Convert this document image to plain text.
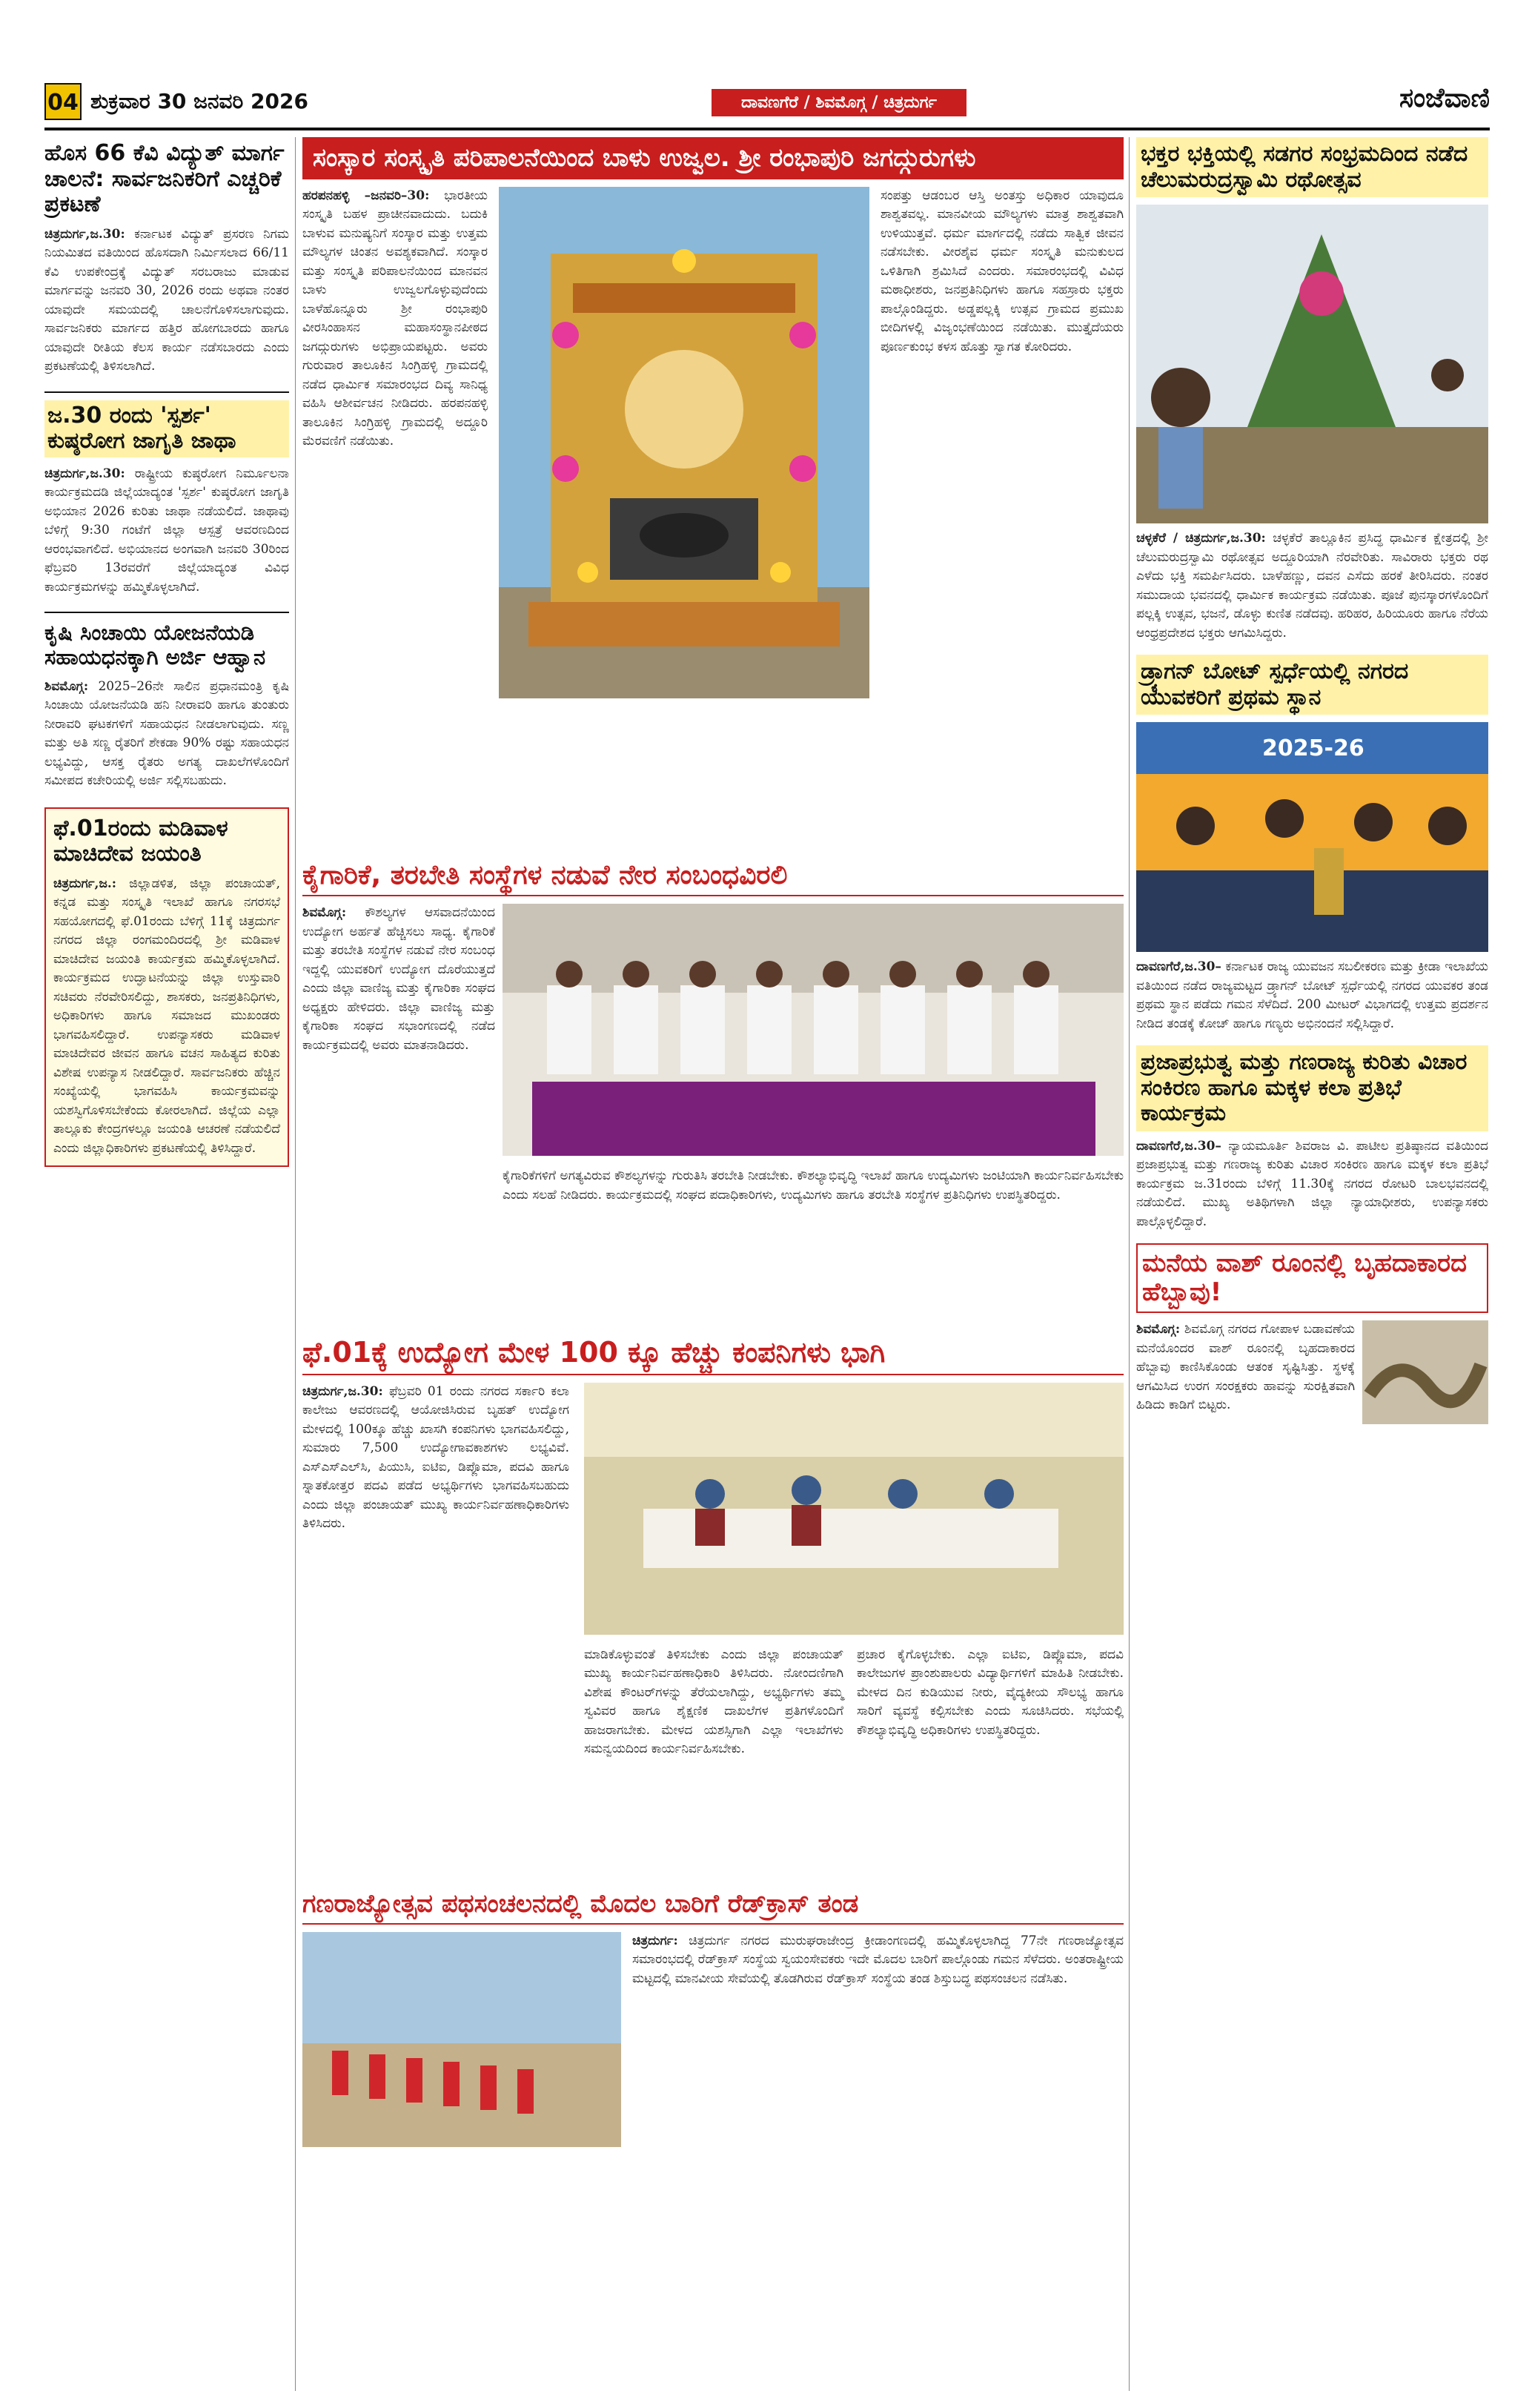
04 ಶುಕ್ರವಾರ 30 ಜನವರಿ 2026	ದಾವಣಗೆರೆ / ಶಿವಮೊಗ್ಗ / ಚಿತ್ರದುರ್ಗ	ಸಂಜೆವಾಣಿ
ಹೊಸ 66 ಕೆವಿ ವಿದ್ಯುತ್ ಮಾರ್ಗ ಚಾಲನೆ: ಸಾರ್ವಜನಿಕರಿಗೆ ಎಚ್ಚರಿಕೆ ಪ್ರಕಟಣೆ

ಚಿತ್ರದುರ್ಗ,ಜ.30: ಕರ್ನಾಟಕ ವಿದ್ಯುತ್ ಪ್ರಸರಣ ನಿಗಮ ನಿಯಮಿತದ ವತಿಯಿಂದ ಹೊಸದಾಗಿ ನಿರ್ಮಿಸಲಾದ 66/11 ಕೆವಿ ಉಪಕೇಂದ್ರಕ್ಕೆ ವಿದ್ಯುತ್ ಸರಬರಾಜು ಮಾಡುವ ಮಾರ್ಗವನ್ನು ಜನವರಿ 30, 2026 ರಂದು ಅಥವಾ ನಂತರ ಯಾವುದೇ ಸಮಯದಲ್ಲಿ ಚಾಲನೆಗೊಳಿಸಲಾಗುವುದು. ಸಾರ್ವಜನಿಕರು ಮಾರ್ಗದ ಹತ್ತಿರ ಹೋಗಬಾರದು ಹಾಗೂ ಯಾವುದೇ ರೀತಿಯ ಕೆಲಸ ಕಾರ್ಯ ನಡೆಸಬಾರದು ಎಂದು ಪ್ರಕಟಣೆಯಲ್ಲಿ ತಿಳಿಸಲಾಗಿದೆ.

ಜ.30 ರಂದು 'ಸ್ಪರ್ಶ' ಕುಷ್ಠರೋಗ ಜಾಗೃತಿ ಜಾಥಾ

ಚಿತ್ರದುರ್ಗ,ಜ.30: ರಾಷ್ಟ್ರೀಯ ಕುಷ್ಠರೋಗ ನಿರ್ಮೂಲನಾ ಕಾರ್ಯಕ್ರಮದಡಿ ಜಿಲ್ಲೆಯಾದ್ಯಂತ 'ಸ್ಪರ್ಶ' ಕುಷ್ಠರೋಗ ಜಾಗೃತಿ ಅಭಿಯಾನ 2026 ಕುರಿತು ಜಾಥಾ ನಡೆಯಲಿದೆ. ಜಾಥಾವು ಬೆಳಿಗ್ಗೆ 9:30 ಗಂಟೆಗೆ ಜಿಲ್ಲಾ ಆಸ್ಪತ್ರೆ ಆವರಣದಿಂದ ಆರಂಭವಾಗಲಿದೆ. ಅಭಿಯಾನದ ಅಂಗವಾಗಿ ಜನವರಿ 30ರಿಂದ ಫೆಬ್ರವರಿ 13ರವರೆಗೆ ಜಿಲ್ಲೆಯಾದ್ಯಂತ ವಿವಿಧ ಕಾರ್ಯಕ್ರಮಗಳನ್ನು ಹಮ್ಮಿಕೊಳ್ಳಲಾಗಿದೆ.

ಕೃಷಿ ಸಿಂಚಾಯಿ ಯೋಜನೆಯಡಿ ಸಹಾಯಧನಕ್ಕಾಗಿ ಅರ್ಜಿ ಆಹ್ವಾನ

ಶಿವಮೊಗ್ಗ: 2025–26ನೇ ಸಾಲಿನ ಪ್ರಧಾನಮಂತ್ರಿ ಕೃಷಿ ಸಿಂಚಾಯಿ ಯೋಜನೆಯಡಿ ಹನಿ ನೀರಾವರಿ ಹಾಗೂ ತುಂತುರು ನೀರಾವರಿ ಘಟಕಗಳಿಗೆ ಸಹಾಯಧನ ನೀಡಲಾಗುವುದು. ಸಣ್ಣ ಮತ್ತು ಅತಿ ಸಣ್ಣ ರೈತರಿಗೆ ಶೇಕಡಾ 90% ರಷ್ಟು ಸಹಾಯಧನ ಲಭ್ಯವಿದ್ದು, ಆಸಕ್ತ ರೈತರು ಅಗತ್ಯ ದಾಖಲೆಗಳೊಂದಿಗೆ ಸಮೀಪದ ಕಚೇರಿಯಲ್ಲಿ ಅರ್ಜಿ ಸಲ್ಲಿಸಬಹುದು.

ಫೆ.01ರಂದು ಮಡಿವಾಳ ಮಾಚಿದೇವ ಜಯಂತಿ

ಚಿತ್ರದುರ್ಗ,ಜ.: ಜಿಲ್ಲಾಡಳಿತ, ಜಿಲ್ಲಾ ಪಂಚಾಯತ್, ಕನ್ನಡ ಮತ್ತು ಸಂಸ್ಕೃತಿ ಇಲಾಖೆ ಹಾಗೂ ನಗರಸಭೆ ಸಹಯೋಗದಲ್ಲಿ ಫೆ.01ರಂದು ಬೆಳಿಗ್ಗೆ 11ಕ್ಕೆ ಚಿತ್ರದುರ್ಗ ನಗರದ ಜಿಲ್ಲಾ ರಂಗಮಂದಿರದಲ್ಲಿ ಶ್ರೀ ಮಡಿವಾಳ ಮಾಚಿದೇವ ಜಯಂತಿ ಕಾರ್ಯಕ್ರಮ ಹಮ್ಮಿಕೊಳ್ಳಲಾಗಿದೆ. ಕಾರ್ಯಕ್ರಮದ ಉದ್ಘಾಟನೆಯನ್ನು ಜಿಲ್ಲಾ ಉಸ್ತುವಾರಿ ಸಚಿವರು ನೆರವೇರಿಸಲಿದ್ದು, ಶಾಸಕರು, ಜನಪ್ರತಿನಿಧಿಗಳು, ಅಧಿಕಾರಿಗಳು ಹಾಗೂ ಸಮಾಜದ ಮುಖಂಡರು ಭಾಗವಹಿಸಲಿದ್ದಾರೆ. ಉಪನ್ಯಾಸಕರು ಮಡಿವಾಳ ಮಾಚಿದೇವರ ಜೀವನ ಹಾಗೂ ವಚನ ಸಾಹಿತ್ಯದ ಕುರಿತು ವಿಶೇಷ ಉಪನ್ಯಾಸ ನೀಡಲಿದ್ದಾರೆ. ಸಾರ್ವಜನಿಕರು ಹೆಚ್ಚಿನ ಸಂಖ್ಯೆಯಲ್ಲಿ ಭಾಗವಹಿಸಿ ಕಾರ್ಯಕ್ರಮವನ್ನು ಯಶಸ್ವಿಗೊಳಿಸಬೇಕೆಂದು ಕೋರಲಾಗಿದೆ. ಜಿಲ್ಲೆಯ ಎಲ್ಲಾ ತಾಲ್ಲೂಕು ಕೇಂದ್ರಗಳಲ್ಲೂ ಜಯಂತಿ ಆಚರಣೆ ನಡೆಯಲಿದೆ ಎಂದು ಜಿಲ್ಲಾಧಿಕಾರಿಗಳು ಪ್ರಕಟಣೆಯಲ್ಲಿ ತಿಳಿಸಿದ್ದಾರೆ.

ಸಂಸ್ಕಾರ ಸಂಸ್ಕೃತಿ ಪರಿಪಾಲನೆಯಿಂದ ಬಾಳು ಉಜ್ವಲ. ಶ್ರೀ ರಂಭಾಪುರಿ ಜಗದ್ಗುರುಗಳು

ಹರಪನಹಳ್ಳಿ –ಜನವರಿ–30: ಭಾರತೀಯ ಸಂಸ್ಕೃತಿ ಬಹಳ ಪ್ರಾಚೀನವಾದುದು. ಬದುಕಿ ಬಾಳುವ ಮನುಷ್ಯನಿಗೆ ಸಂಸ್ಕಾರ ಮತ್ತು ಉತ್ತಮ ಮೌಲ್ಯಗಳ ಚಿಂತನ ಅವಶ್ಯಕವಾಗಿದೆ. ಸಂಸ್ಕಾರ ಮತ್ತು ಸಂಸ್ಕೃತಿ ಪರಿಪಾಲನೆಯಿಂದ ಮಾನವನ ಬಾಳು ಉಜ್ವಲಗೊಳ್ಳುವುದೆಂದು ಬಾಳೆಹೊನ್ನೂರು ಶ್ರೀ ರಂಭಾಪುರಿ ವೀರಸಿಂಹಾಸನ ಮಹಾಸಂಸ್ಥಾನಪೀಠದ ಜಗದ್ಗುರುಗಳು ಅಭಿಪ್ರಾಯಪಟ್ಟರು. ಅವರು ಗುರುವಾರ ತಾಲೂಕಿನ ಸಿಂಗ್ರಿಹಳ್ಳಿ ಗ್ರಾಮದಲ್ಲಿ ನಡೆದ ಧಾರ್ಮಿಕ ಸಮಾರಂಭದ ದಿವ್ಯ ಸಾನಿಧ್ಯ ವಹಿಸಿ ಆಶೀರ್ವಚನ ನೀಡಿದರು. ಹರಪನಹಳ್ಳಿ ತಾಲೂಕಿನ ಸಿಂಗ್ರಿಹಳ್ಳಿ ಗ್ರಾಮದಲ್ಲಿ ಅದ್ದೂರಿ ಮೆರವಣಿಗೆ ನಡೆಯಿತು.

ಸಂಪತ್ತು ಆಡಂಬರ ಆಸ್ತಿ ಅಂತಸ್ತು ಅಧಿಕಾರ ಯಾವುದೂ ಶಾಶ್ವತವಲ್ಲ. ಮಾನವೀಯ ಮೌಲ್ಯಗಳು ಮಾತ್ರ ಶಾಶ್ವತವಾಗಿ ಉಳಿಯುತ್ತವೆ. ಧರ್ಮ ಮಾರ್ಗದಲ್ಲಿ ನಡೆದು ಸಾತ್ವಿಕ ಜೀವನ ನಡೆಸಬೇಕು. ವೀರಶೈವ ಧರ್ಮ ಸಂಸ್ಕೃತಿ ಮನುಕುಲದ ಒಳಿತಿಗಾಗಿ ಶ್ರಮಿಸಿದೆ ಎಂದರು. ಸಮಾರಂಭದಲ್ಲಿ ವಿವಿಧ ಮಠಾಧೀಶರು, ಜನಪ್ರತಿನಿಧಿಗಳು ಹಾಗೂ ಸಹಸ್ರಾರು ಭಕ್ತರು ಪಾಲ್ಗೊಂಡಿದ್ದರು. ಅಡ್ಡಪಲ್ಲಕ್ಕಿ ಉತ್ಸವ ಗ್ರಾಮದ ಪ್ರಮುಖ ಬೀದಿಗಳಲ್ಲಿ ವಿಜೃಂಭಣೆಯಿಂದ ನಡೆಯಿತು. ಮುತ್ತೈದೆಯರು ಪೂರ್ಣಕುಂಭ ಕಳಸ ಹೊತ್ತು ಸ್ವಾಗತ ಕೋರಿದರು.

ಕೈಗಾರಿಕೆ, ತರಬೇತಿ ಸಂಸ್ಥೆಗಳ ನಡುವೆ ನೇರ ಸಂಬಂಧವಿರಲಿ

ಶಿವಮೊಗ್ಗ: ಕೌಶಲ್ಯಗಳ ಆಸವಾದನೆಯಿಂದ ಉದ್ಯೋಗ ಅರ್ಹತೆ ಹೆಚ್ಚಿಸಲು ಸಾಧ್ಯ. ಕೈಗಾರಿಕೆ ಮತ್ತು ತರಬೇತಿ ಸಂಸ್ಥೆಗಳ ನಡುವೆ ನೇರ ಸಂಬಂಧ ಇದ್ದಲ್ಲಿ ಯುವಕರಿಗೆ ಉದ್ಯೋಗ ದೊರೆಯುತ್ತದೆ ಎಂದು ಜಿಲ್ಲಾ ವಾಣಿಜ್ಯ ಮತ್ತು ಕೈಗಾರಿಕಾ ಸಂಘದ ಅಧ್ಯಕ್ಷರು ಹೇಳಿದರು. ಜಿಲ್ಲಾ ವಾಣಿಜ್ಯ ಮತ್ತು ಕೈಗಾರಿಕಾ ಸಂಘದ ಸಭಾಂಗಣದಲ್ಲಿ ನಡೆದ ಕಾರ್ಯಕ್ರಮದಲ್ಲಿ ಅವರು ಮಾತನಾಡಿದರು.

ಕೈಗಾರಿಕೆಗಳಿಗೆ ಅಗತ್ಯವಿರುವ ಕೌಶಲ್ಯಗಳನ್ನು ಗುರುತಿಸಿ ತರಬೇತಿ ನೀಡಬೇಕು. ಕೌಶಲ್ಯಾಭಿವೃದ್ಧಿ ಇಲಾಖೆ ಹಾಗೂ ಉದ್ಯಮಿಗಳು ಜಂಟಿಯಾಗಿ ಕಾರ್ಯನಿರ್ವಹಿಸಬೇಕು ಎಂದು ಸಲಹೆ ನೀಡಿದರು. ಕಾರ್ಯಕ್ರಮದಲ್ಲಿ ಸಂಘದ ಪದಾಧಿಕಾರಿಗಳು, ಉದ್ಯಮಿಗಳು ಹಾಗೂ ತರಬೇತಿ ಸಂಸ್ಥೆಗಳ ಪ್ರತಿನಿಧಿಗಳು ಉಪಸ್ಥಿತರಿದ್ದರು.

ಫೆ.01ಕ್ಕೆ ಉದ್ಯೋಗ ಮೇಳ 100 ಕ್ಕೂ ಹೆಚ್ಚು ಕಂಪನಿಗಳು ಭಾಗಿ

ಚಿತ್ರದುರ್ಗ,ಜ.30: ಫೆಬ್ರವರಿ 01 ರಂದು ನಗರದ ಸರ್ಕಾರಿ ಕಲಾ ಕಾಲೇಜು ಆವರಣದಲ್ಲಿ ಆಯೋಜಿಸಿರುವ ಬೃಹತ್ ಉದ್ಯೋಗ ಮೇಳದಲ್ಲಿ 100ಕ್ಕೂ ಹೆಚ್ಚು ಖಾಸಗಿ ಕಂಪನಿಗಳು ಭಾಗವಹಿಸಲಿದ್ದು, ಸುಮಾರು 7,500 ಉದ್ಯೋಗಾವಕಾಶಗಳು ಲಭ್ಯವಿವೆ. ಎಸ್ಎಸ್ಎಲ್‌ಸಿ, ಪಿಯುಸಿ, ಐಟಿಐ, ಡಿಪ್ಲೊಮಾ, ಪದವಿ ಹಾಗೂ ಸ್ನಾತಕೋತ್ತರ ಪದವಿ ಪಡೆದ ಅಭ್ಯರ್ಥಿಗಳು ಭಾಗವಹಿಸಬಹುದು ಎಂದು ಜಿಲ್ಲಾ ಪಂಚಾಯತ್ ಮುಖ್ಯ ಕಾರ್ಯನಿರ್ವಹಣಾಧಿಕಾರಿಗಳು ತಿಳಿಸಿದರು.

ಮಾಡಿಕೊಳ್ಳುವಂತೆ ತಿಳಿಸಬೇಕು ಎಂದು ಜಿಲ್ಲಾ ಪಂಚಾಯತ್ ಮುಖ್ಯ ಕಾರ್ಯನಿರ್ವಹಣಾಧಿಕಾರಿ ತಿಳಿಸಿದರು. ನೋಂದಣಿಗಾಗಿ ವಿಶೇಷ ಕೌಂಟರ್‌ಗಳನ್ನು ತೆರೆಯಲಾಗಿದ್ದು, ಅಭ್ಯರ್ಥಿಗಳು ತಮ್ಮ ಸ್ವವಿವರ ಹಾಗೂ ಶೈಕ್ಷಣಿಕ ದಾಖಲೆಗಳ ಪ್ರತಿಗಳೊಂದಿಗೆ ಹಾಜರಾಗಬೇಕು. ಮೇಳದ ಯಶಸ್ಸಿಗಾಗಿ ಎಲ್ಲಾ ಇಲಾಖೆಗಳು ಸಮನ್ವಯದಿಂದ ಕಾರ್ಯನಿರ್ವಹಿಸಬೇಕು.

ಪ್ರಚಾರ ಕೈಗೊಳ್ಳಬೇಕು. ಎಲ್ಲಾ ಐಟಿಐ, ಡಿಪ್ಲೊಮಾ, ಪದವಿ ಕಾಲೇಜುಗಳ ಪ್ರಾಂಶುಪಾಲರು ವಿದ್ಯಾರ್ಥಿಗಳಿಗೆ ಮಾಹಿತಿ ನೀಡಬೇಕು. ಮೇಳದ ದಿನ ಕುಡಿಯುವ ನೀರು, ವೈದ್ಯಕೀಯ ಸೌಲಭ್ಯ ಹಾಗೂ ಸಾರಿಗೆ ವ್ಯವಸ್ಥೆ ಕಲ್ಪಿಸಬೇಕು ಎಂದು ಸೂಚಿಸಿದರು. ಸಭೆಯಲ್ಲಿ ಕೌಶಲ್ಯಾಭಿವೃದ್ಧಿ ಅಧಿಕಾರಿಗಳು ಉಪಸ್ಥಿತರಿದ್ದರು.

ಗಣರಾಜ್ಯೋತ್ಸವ ಪಥಸಂಚಲನದಲ್ಲಿ ಮೊದಲ ಬಾರಿಗೆ ರೆಡ್‌ಕ್ರಾಸ್ ತಂಡ

ಚಿತ್ರದುರ್ಗ: ಚಿತ್ರದುರ್ಗ ನಗರದ ಮುರುಘರಾಜೇಂದ್ರ ಕ್ರೀಡಾಂಗಣದಲ್ಲಿ ಹಮ್ಮಿಕೊಳ್ಳಲಾಗಿದ್ದ 77ನೇ ಗಣರಾಜ್ಯೋತ್ಸವ ಸಮಾರಂಭದಲ್ಲಿ ರೆಡ್‌ಕ್ರಾಸ್ ಸಂಸ್ಥೆಯ ಸ್ವಯಂಸೇವಕರು ಇದೇ ಮೊದಲ ಬಾರಿಗೆ ಪಾಲ್ಗೊಂಡು ಗಮನ ಸೆಳೆದರು. ಅಂತರಾಷ್ಟ್ರೀಯ ಮಟ್ಟದಲ್ಲಿ ಮಾನವೀಯ ಸೇವೆಯಲ್ಲಿ ತೊಡಗಿರುವ ರೆಡ್‌ಕ್ರಾಸ್ ಸಂಸ್ಥೆಯ ತಂಡ ಶಿಸ್ತುಬದ್ಧ ಪಥಸಂಚಲನ ನಡೆಸಿತು.

ಭಕ್ತರ ಭಕ್ತಿಯಲ್ಲಿ ಸಡಗರ ಸಂಭ್ರಮದಿಂದ ನಡೆದ ಚೆಲುಮರುದ್ರಸ್ವಾಮಿ ರಥೋತ್ಸವ

ಚಳ್ಳಕೆರೆ / ಚಿತ್ರದುರ್ಗ,ಜ.30: ಚಳ್ಳಕೆರೆ ತಾಲ್ಲೂಕಿನ ಪ್ರಸಿದ್ಧ ಧಾರ್ಮಿಕ ಕ್ಷೇತ್ರದಲ್ಲಿ ಶ್ರೀ ಚೆಲುಮರುದ್ರಸ್ವಾಮಿ ರಥೋತ್ಸವ ಅದ್ದೂರಿಯಾಗಿ ನೆರವೇರಿತು. ಸಾವಿರಾರು ಭಕ್ತರು ರಥ ಎಳೆದು ಭಕ್ತಿ ಸಮರ್ಪಿಸಿದರು. ಬಾಳೆಹಣ್ಣು, ದವನ ಎಸೆದು ಹರಕೆ ತೀರಿಸಿದರು. ನಂತರ ಸಮುದಾಯ ಭವನದಲ್ಲಿ ಧಾರ್ಮಿಕ ಕಾರ್ಯಕ್ರಮ ನಡೆಯಿತು. ಪೂಜೆ ಪುನಸ್ಕಾರಗಳೊಂದಿಗೆ ಪಲ್ಲಕ್ಕಿ ಉತ್ಸವ, ಭಜನೆ, ಡೊಳ್ಳು ಕುಣಿತ ನಡೆದವು. ಹರಿಹರ, ಹಿರಿಯೂರು ಹಾಗೂ ನೆರೆಯ ಆಂಧ್ರಪ್ರದೇಶದ ಭಕ್ತರು ಆಗಮಿಸಿದ್ದರು.

ಡ್ರ್ಯಾಗನ್ ಬೋಟ್ ಸ್ಪರ್ಧೆಯಲ್ಲಿ ನಗರದ ಯುವಕರಿಗೆ ಪ್ರಥಮ ಸ್ಥಾನ
2025-26

ದಾವಣಗೆರೆ,ಜ.30– ಕರ್ನಾಟಕ ರಾಜ್ಯ ಯುವಜನ ಸಬಲೀಕರಣ ಮತ್ತು ಕ್ರೀಡಾ ಇಲಾಖೆಯ ವತಿಯಿಂದ ನಡೆದ ರಾಜ್ಯಮಟ್ಟದ ಡ್ರ್ಯಾಗನ್ ಬೋಟ್ ಸ್ಪರ್ಧೆಯಲ್ಲಿ ನಗರದ ಯುವಕರ ತಂಡ ಪ್ರಥಮ ಸ್ಥಾನ ಪಡೆದು ಗಮನ ಸೆಳೆದಿದೆ. 200 ಮೀಟರ್ ವಿಭಾಗದಲ್ಲಿ ಉತ್ತಮ ಪ್ರದರ್ಶನ ನೀಡಿದ ತಂಡಕ್ಕೆ ಕೋಚ್ ಹಾಗೂ ಗಣ್ಯರು ಅಭಿನಂದನೆ ಸಲ್ಲಿಸಿದ್ದಾರೆ.

ಪ್ರಜಾಪ್ರಭುತ್ವ ಮತ್ತು ಗಣರಾಜ್ಯ ಕುರಿತು ವಿಚಾರ ಸಂಕಿರಣ ಹಾಗೂ ಮಕ್ಕಳ ಕಲಾ ಪ್ರತಿಭೆ ಕಾರ್ಯಕ್ರಮ

ದಾವಣಗೆರೆ,ಜ.30– ನ್ಯಾಯಮೂರ್ತಿ ಶಿವರಾಜ ವಿ. ಪಾಟೀಲ ಪ್ರತಿಷ್ಠಾನದ ವತಿಯಿಂದ ಪ್ರಜಾಪ್ರಭುತ್ವ ಮತ್ತು ಗಣರಾಜ್ಯ ಕುರಿತು ವಿಚಾರ ಸಂಕಿರಣ ಹಾಗೂ ಮಕ್ಕಳ ಕಲಾ ಪ್ರತಿಭೆ ಕಾರ್ಯಕ್ರಮ ಜ.31ರಂದು ಬೆಳಿಗ್ಗೆ 11.30ಕ್ಕೆ ನಗರದ ರೋಟರಿ ಬಾಲಭವನದಲ್ಲಿ ನಡೆಯಲಿದೆ. ಮುಖ್ಯ ಅತಿಥಿಗಳಾಗಿ ಜಿಲ್ಲಾ ನ್ಯಾಯಾಧೀಶರು, ಉಪನ್ಯಾಸಕರು ಪಾಲ್ಗೊಳ್ಳಲಿದ್ದಾರೆ.

ಮನೆಯ ವಾಶ್ ರೂಂನಲ್ಲಿ ಬೃಹದಾಕಾರದ ಹೆಬ್ಬಾವು!

ಶಿವಮೊಗ್ಗ: ಶಿವಮೊಗ್ಗ ನಗರದ ಗೋಪಾಳ ಬಡಾವಣೆಯ ಮನೆಯೊಂದರ ವಾಶ್ ರೂಂನಲ್ಲಿ ಬೃಹದಾಕಾರದ ಹೆಬ್ಬಾವು ಕಾಣಿಸಿಕೊಂಡು ಆತಂಕ ಸೃಷ್ಟಿಸಿತ್ತು. ಸ್ಥಳಕ್ಕೆ ಆಗಮಿಸಿದ ಉರಗ ಸಂರಕ್ಷಕರು ಹಾವನ್ನು ಸುರಕ್ಷಿತವಾಗಿ ಹಿಡಿದು ಕಾಡಿಗೆ ಬಿಟ್ಟರು.
